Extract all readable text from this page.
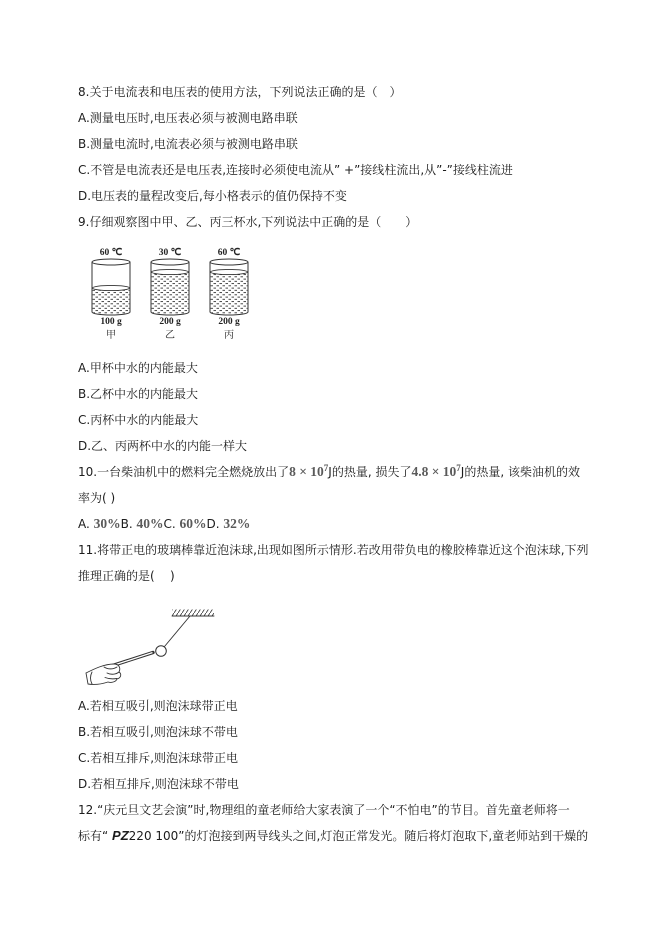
8.关于电流表和电压表的使用方法，下列说法正确的是（　）
A.测量电压时,电压表必须与被测电路串联
B.测量电流时,电流表必须与被测电路串联
C.不管是电流表还是电压表,连接时必须使电流从” +”接线柱流出,从”-”接线柱流进
D.电压表的量程改变后,每小格表示的值仍保持不变
9.仔细观察图中甲、乙、丙三杯水,下列说法中正确的是（　　）
60 ℃
100 g
甲
30 ℃
200 g
乙
60 ℃
200 g
丙
A.甲杯中水的内能最大
B.乙杯中水的内能最大
C.丙杯中水的内能最大
D.乙、丙两杯中水的内能一样大
10.一台柴油机中的燃料完全燃烧放出了$8 \times 10^7J$的热量, 损失了$4.8 \times 10^7J$的热量, 该柴油机的效
率为( )
A. 30%B. 40%C. 60%D. 32%
11.将带正电的玻璃棒靠近泡沫球,出现如图所示情形.若改用带负电的橡胶棒靠近这个泡沫球,下列
推理正确的是(    )
A.若相互吸引,则泡沫球带正电
B.若相互吸引,则泡沫球不带电
C.若相互排斥,则泡沫球带正电
D.若相互排斥,则泡沫球不带电
12.“庆元旦文艺会演”时,物理组的童老师给大家表演了一个“不怕电”的节目。首先童老师将一
标有“ PZ220 100”的灯泡接到两导线头之间,灯泡正常发光。随后将灯泡取下,童老师站到干燥的
